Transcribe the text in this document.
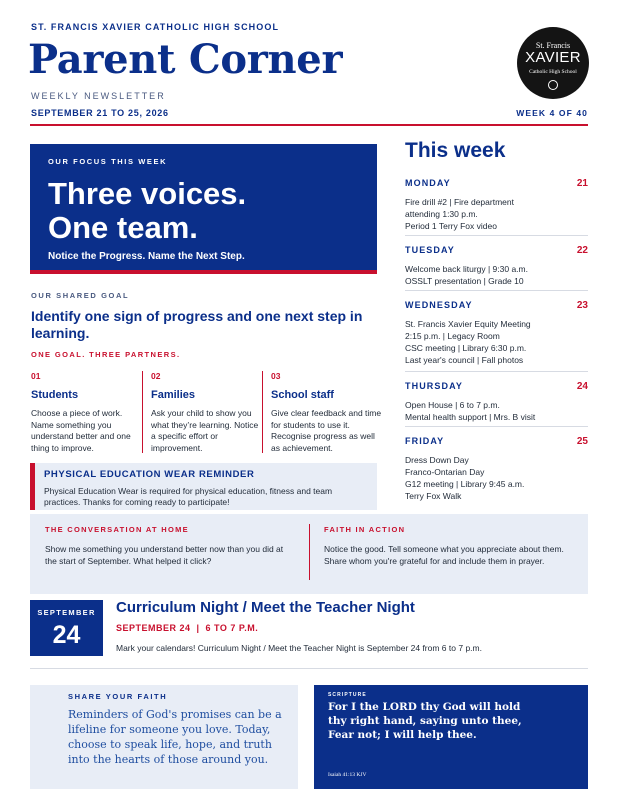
ST. FRANCIS XAVIER CATHOLIC HIGH SCHOOL
Parent Corner
WEEKLY NEWSLETTER
SEPTEMBER 21 TO 25, 2026	WEEK 4 OF 40
St. Francis
XAVIER
Catholic High School
OUR FOCUS THIS WEEK
Three voices.
One team.
Notice the Progress. Name the Next Step.
OUR SHARED GOAL
Identify one sign of progress and one next step in learning.
ONE GOAL. THREE PARTNERS.
01
Students
Choose a piece of work. Name something you understand better and one thing to improve.
02
Families
Ask your child to show you what they’re learning. Notice a specific effort or improvement.
03
School staff
Give clear feedback and time for students to use it. Recognise progress as well as achievement.
PHYSICAL EDUCATION WEAR REMINDER
Physical Education Wear is required for physical education, fitness and team practices. Thanks for coming ready to participate!
This week
MONDAY	21
Fire drill #2 | Fire department
attending 1:30 p.m.
Period 1 Terry Fox video
TUESDAY	22
Welcome back liturgy | 9:30 a.m.
OSSLT presentation | Grade 10
WEDNESDAY	23
St. Francis Xavier Equity Meeting
2:15 p.m. | Legacy Room
CSC meeting | Library 6:30 p.m.
Last year's council | Fall photos
THURSDAY	24
Open House | 6 to 7 p.m.
Mental health support | Mrs. B visit
FRIDAY	25
Dress Down Day
Franco-Ontarian Day
G12 meeting | Library 9:45 a.m.
Terry Fox Walk
THE CONVERSATION AT HOME
Show me something you understand better now than you did at the start of September. What helped it click?
FAITH IN ACTION
Notice the good. Tell someone what you appreciate about them. Share whom you're grateful for and include them in prayer.
SEPTEMBER
24
Curriculum Night / Meet the Teacher Night
SEPTEMBER 24  |  6 TO 7 P.M.
Mark your calendars! Curriculum Night / Meet the Teacher Night is September 24 from 6 to 7 p.m.
SHARE YOUR FAITH
Reminders of God's promises can be a lifeline for someone you love. Today, choose to speak life, hope, and truth into the hearts of those around you.
SCRIPTURE
For I the LORD thy God will hold thy right hand, saying unto thee, Fear not; I will help thee.
Isaiah 41:13 KJV
